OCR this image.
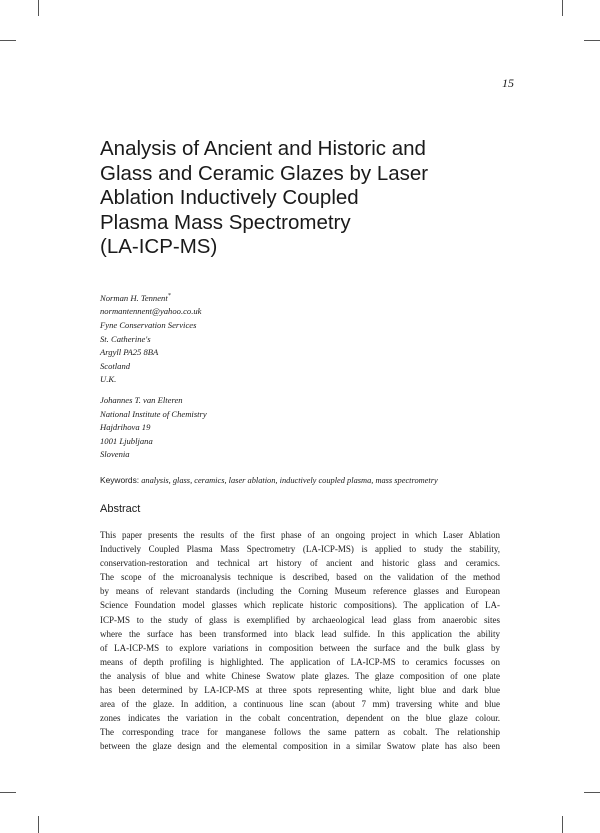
15
Analysis of Ancient and Historic and
Glass and Ceramic Glazes by Laser
Ablation Inductively Coupled
Plasma Mass Spectrometry
(LA-ICP-MS)
Norman H. Tennent*
normantennent@yahoo.co.uk
Fyne Conservation Services
St. Catherine's
Argyll PA25 8BA
Scotland
U.K.
Johannes T. van Elteren
National Institute of Chemistry
Hajdrihova 19
1001 Ljubljana
Slovenia
Keywords: analysis, glass, ceramics, laser ablation, inductively coupled plasma, mass spectrometry
Abstract
This paper presents the results of the first phase of an ongoing project in which Laser Ablation
Inductively Coupled Plasma Mass Spectrometry (LA-ICP-MS) is applied to study the stability,
conservation-restoration and technical art history of ancient and historic glass and ceramics.
The scope of the microanalysis technique is described, based on the validation of the method
by means of relevant standards (including the Corning Museum reference glasses and European
Science Foundation model glasses which replicate historic compositions). The application of LA-
ICP-MS to the study of glass is exemplified by archaeological lead glass from anaerobic sites
where the surface has been transformed into black lead sulfide. In this application the ability
of LA-ICP-MS to explore variations in composition between the surface and the bulk glass by
means of depth profiling is highlighted. The application of LA-ICP-MS to ceramics focusses on
the analysis of blue and white Chinese Swatow plate glazes. The glaze composition of one plate
has been determined by LA-ICP-MS at three spots representing white, light blue and dark blue
area of the glaze. In addition, a continuous line scan (about 7 mm) traversing white and blue
zones indicates the variation in the cobalt concentration, dependent on the blue glaze colour.
The corresponding trace for manganese follows the same pattern as cobalt. The relationship
between the glaze design and the elemental composition in a similar Swatow plate has also been
